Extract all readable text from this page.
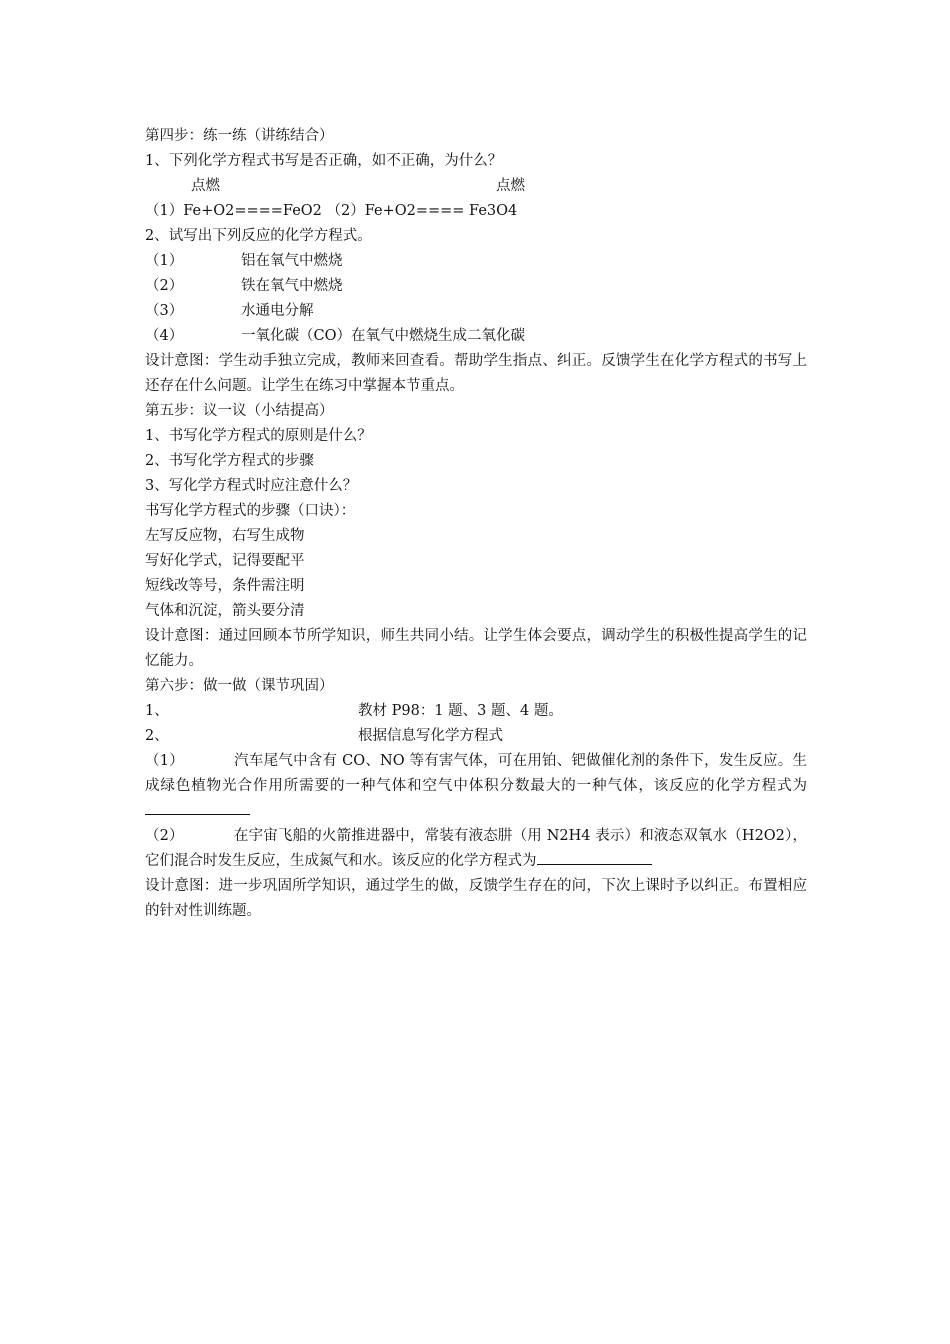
第四步：练一练（讲练结合）
1、下列化学方程式书写是否正确，如不正确，为什么？
点燃	点燃
（1）Fe+O2====FeO2 （2）Fe+O2==== Fe3O4
2、试写出下列反应的化学方程式。
（1）	铝在氧气中燃烧
（2）	铁在氧气中燃烧
（3）	水通电分解
（4）	一氧化碳（CO）在氧气中燃烧生成二氧化碳
设计意图：学生动手独立完成，教师来回查看。帮助学生指点、纠正。反馈学生在化学方程式的书写上还存在什么问题。让学生在练习中掌握本节重点。
第五步：议一议（小结提高）
1、书写化学方程式的原则是什么？
2、书写化学方程式的步骤
3、写化学方程式时应注意什么？
书写化学方程式的步骤（口诀）：
左写反应物，右写生成物
写好化学式，记得要配平
短线改等号，条件需注明
气体和沉淀，箭头要分清
设计意图：通过回顾本节所学知识，师生共同小结。让学生体会要点，调动学生的积极性提高学生的记忆能力。
第六步：做一做（课节巩固）
1、	教材 P98：1 题、3 题、4 题。
2、	根据信息写化学方程式
（1）	汽车尾气中含有 CO、NO 等有害气体，可在用铂、钯做催化剂的条件下，发生反应。生成绿色植物光合作用所需要的一种气体和空气中体积分数最大的一种气体，该反应的化学方程式为
（2）	在宇宙飞船的火箭推进器中，常装有液态肼（用 N2H4 表示）和液态双氧水（H2O2），它们混合时发生反应，生成氮气和水。该反应的化学方程式为
设计意图：进一步巩固所学知识，通过学生的做，反馈学生存在的问，下次上课时予以纠正。布置相应的针对性训练题。
